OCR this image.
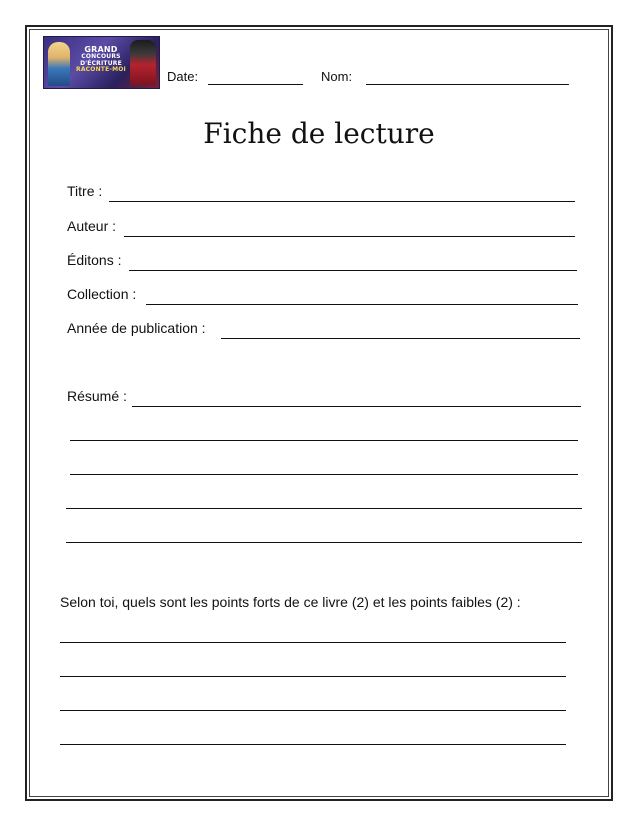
GRAND
CONCOURS
D'ÉCRITURE
RACONTE-MOI	Date:	Nom:
Fiche de lecture
Titre :
Auteur :
Éditons :
Collection :
Année de publication :
Résumé :
Selon toi, quels sont les points forts de ce livre (2) et les points faibles (2) :
